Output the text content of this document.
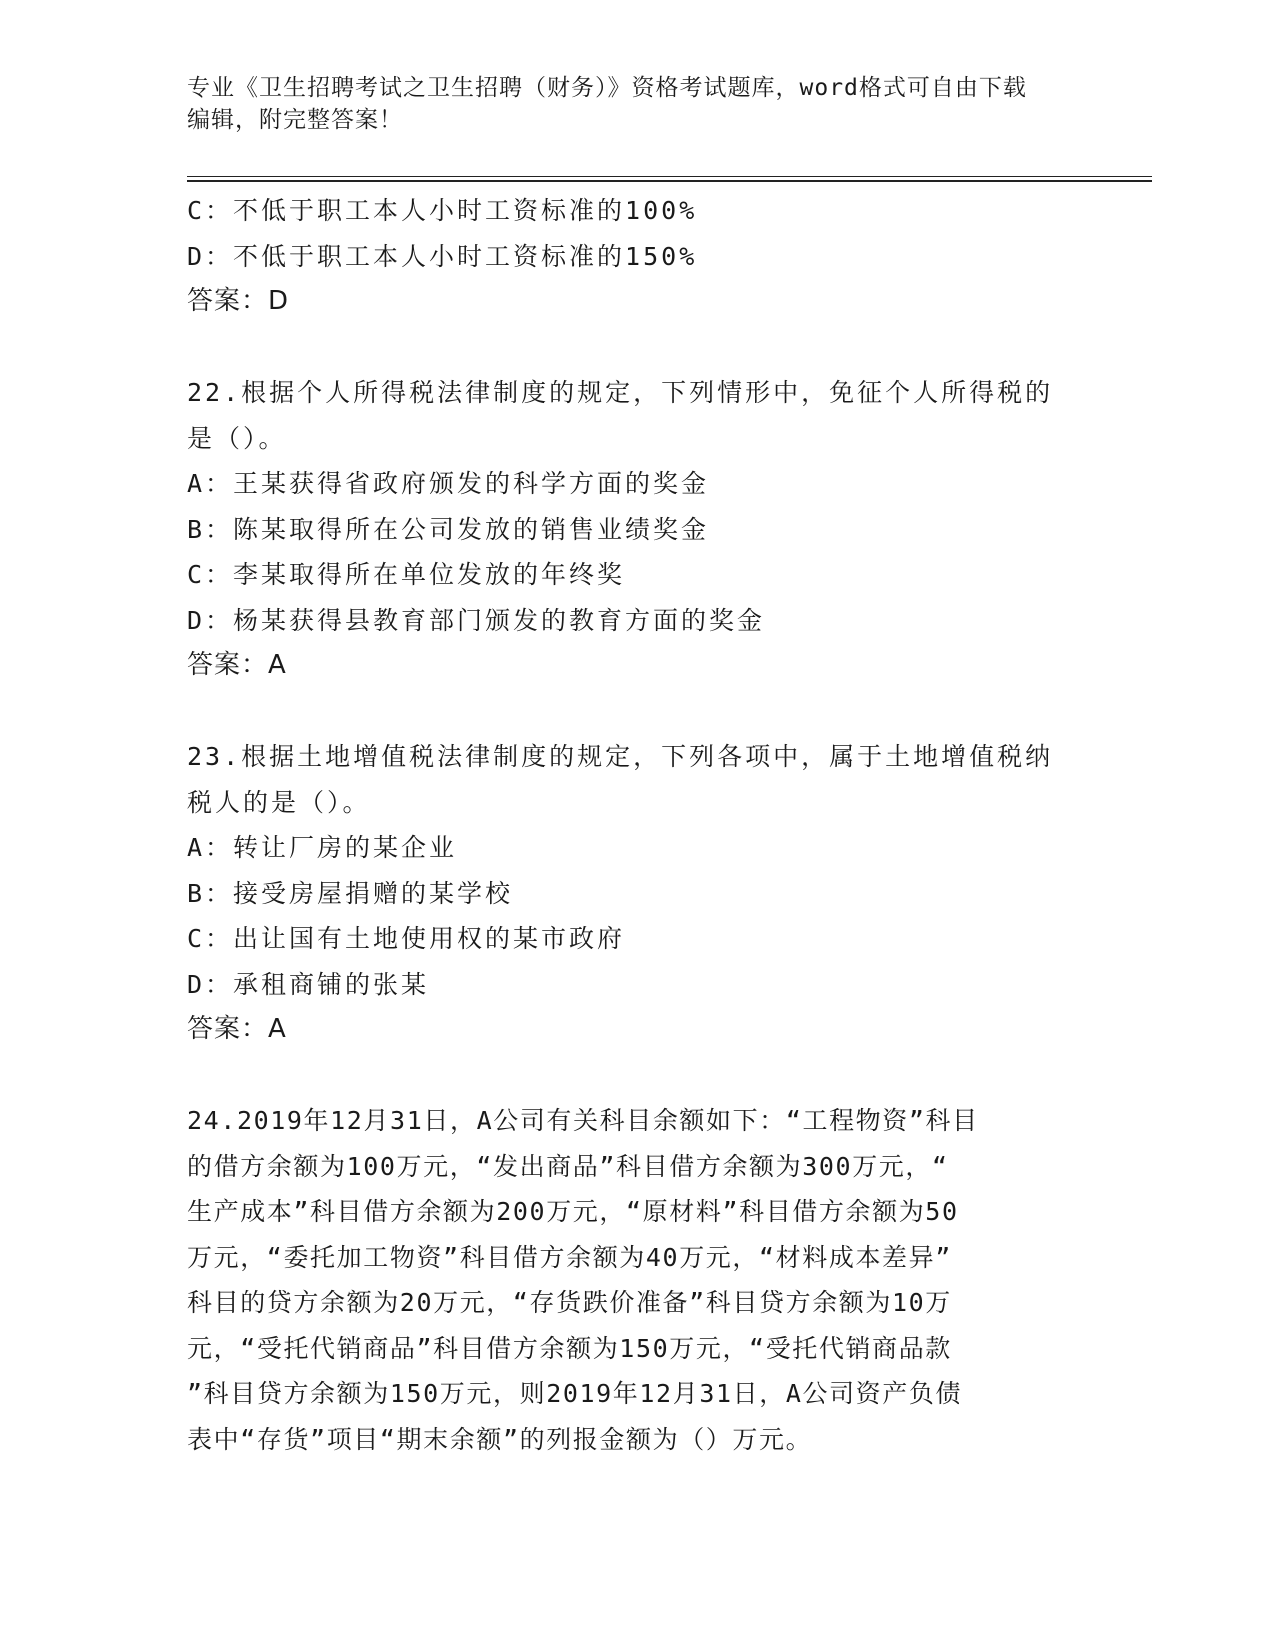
专业《卫生招聘考试之卫生招聘（财务）》资格考试题库，word格式可自由下载
编辑，附完整答案！
C：不低于职工本人小时工资标准的100%
D：不低于职工本人小时工资标准的150%
答案：D
22.根据个人所得税法律制度的规定，下列情形中，免征个人所得税的
是（）。
A：王某获得省政府颁发的科学方面的奖金
B：陈某取得所在公司发放的销售业绩奖金
C：李某取得所在单位发放的年终奖
D：杨某获得县教育部门颁发的教育方面的奖金
答案：A
23.根据土地增值税法律制度的规定，下列各项中，属于土地增值税纳
税人的是（）。
A：转让厂房的某企业
B：接受房屋捐赠的某学校
C：出让国有土地使用权的某市政府
D：承租商铺的张某
答案：A
24.2019年12月31日，A公司有关科目余额如下：“工程物资”科目
的借方余额为100万元，“发出商品”科目借方余额为300万元，“
生产成本”科目借方余额为200万元，“原材料”科目借方余额为50
万元，“委托加工物资”科目借方余额为40万元，“材料成本差异”
科目的贷方余额为20万元，“存货跌价准备”科目贷方余额为10万
元，“受托代销商品”科目借方余额为150万元，“受托代销商品款
”科目贷方余额为150万元，则2019年12月31日，A公司资产负债
表中“存货”项目“期末余额”的列报金额为（）万元。
